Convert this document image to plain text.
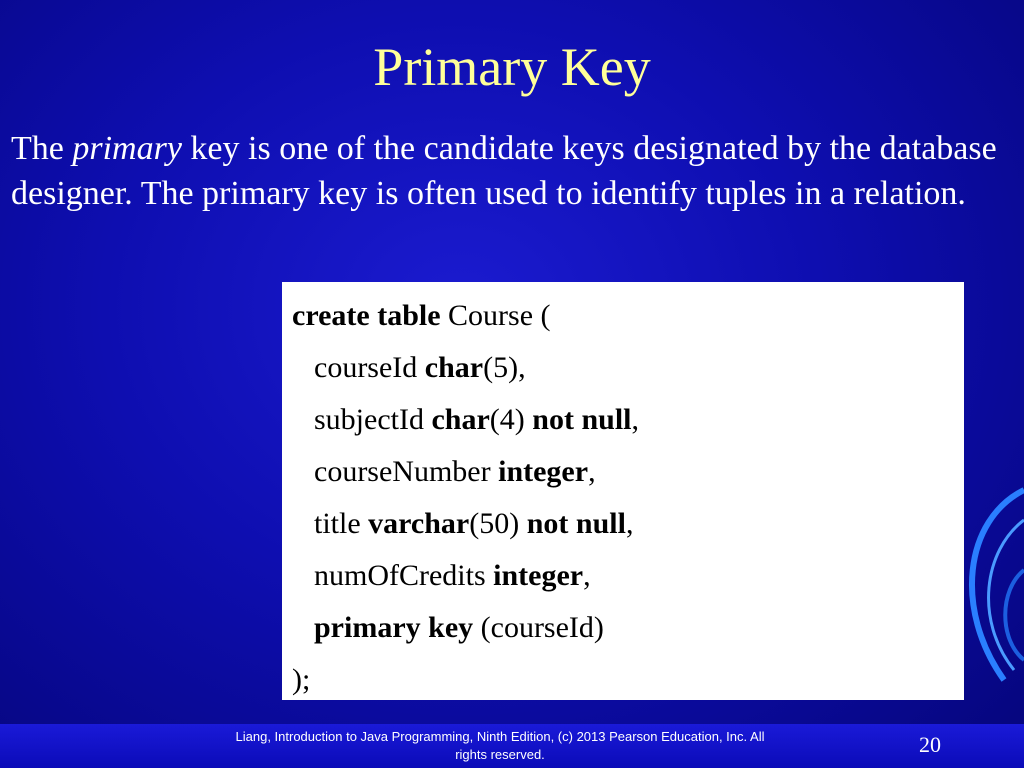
Primary Key
The primary key is one of the candidate keys designated by the database designer. The primary key is often used to identify tuples in a relation.
create table Course (
courseId char(5),
subjectId char(4) not null,
courseNumber integer,
title varchar(50) not null,
numOfCredits integer,
primary key (courseId)
);
Liang, Introduction to Java Programming, Ninth Edition, (c) 2013 Pearson Education, Inc. All
rights reserved.	20
